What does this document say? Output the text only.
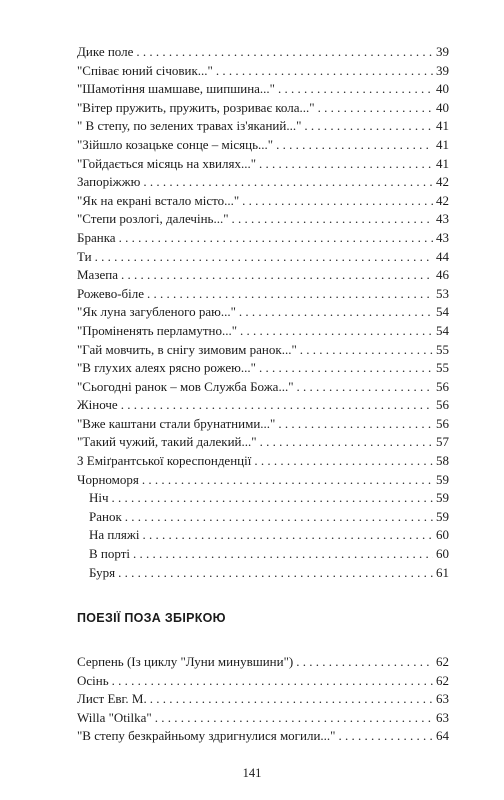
Дике поле . . .	39
"Співає юний січовик..." . . .	39
"Шамотіння шамшаве, шипшина..." . . .	40
"Вітер пружить, пружить, розриває кола..." . . .	40
" В степу, по зелених травах із'яканий..." . . .	41
"Зійшло козацьке сонце – місяць..." . . .	41
"Гойдається місяць на хвилях..." . . .	41
Запоріжжю . . .	42
"Як на екрані встало місто..." . . .	42
"Степи розлогі, далечінь..." . . .	43
Бранка . . .	43
Ти . . .	44
Мазепа . . .	46
Рожево-біле . . .	53
"Як луна загубленого раю..." . . .	54
"Проміненять перламутно..." . . .	54
"Гай мовчить, в снігу зимовим ранок..." . . .	55
"В глухих алеях рясно рожею..." . . .	55
"Сьогодні ранок – мов Служба Божа..." . . .	56
Жіноче . . .	56
"Вже каштани стали брунатними..." . . .	56
"Такий чужий, такий далекий..." . . .	57
З Еміґрантської кореспонденції . . .	58
Чорноморя . . .	59
Ніч . . .	59
Ранок . . .	59
На пляжі . . .	60
В порті . . .	60
Буря . . .	61
ПОЕЗІЇ ПОЗА ЗБІРКОЮ
Серпень (Із циклу "Луни минувшини") . . .	62
Осінь . . .	62
Лист Евг. М. . . .	63
Willa "Otilka" . . .	63
"В степу безкрайньому здригнулися могили..." . . .	64
141
